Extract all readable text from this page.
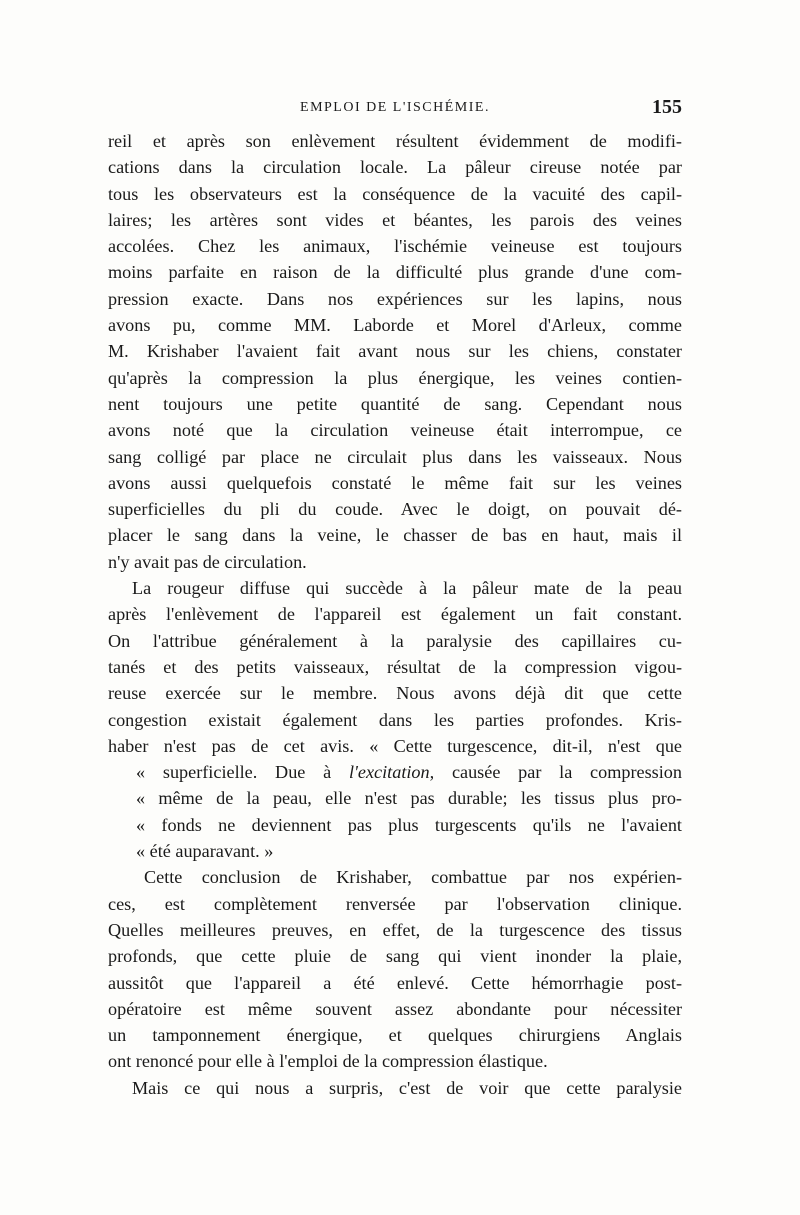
EMPLOI DE L'ISCHÉMIE.	155
reil et après son enlèvement résultent évidemment de modifi-
cations dans la circulation locale. La pâleur cireuse notée par
tous les observateurs est la conséquence de la vacuité des capil-
laires; les artères sont vides et béantes, les parois des veines
accolées. Chez les animaux, l'ischémie veineuse est toujours
moins parfaite en raison de la difficulté plus grande d'une com-
pression exacte. Dans nos expériences sur les lapins, nous
avons pu, comme MM. Laborde et Morel d'Arleux, comme
M. Krishaber l'avaient fait avant nous sur les chiens, constater
qu'après la compression la plus énergique, les veines contien-
nent toujours une petite quantité de sang. Cependant nous
avons noté que la circulation veineuse était interrompue, ce
sang colligé par place ne circulait plus dans les vaisseaux. Nous
avons aussi quelquefois constaté le même fait sur les veines
superficielles du pli du coude. Avec le doigt, on pouvait dé-
placer le sang dans la veine, le chasser de bas en haut, mais il
n'y avait pas de circulation.
La rougeur diffuse qui succède à la pâleur mate de la peau
après l'enlèvement de l'appareil est également un fait constant.
On l'attribue généralement à la paralysie des capillaires cu-
tanés et des petits vaisseaux, résultat de la compression vigou-
reuse exercée sur le membre. Nous avons déjà dit que cette
congestion existait également dans les parties profondes. Kris-
haber n'est pas de cet avis. « Cette turgescence, dit-il, n'est que
« superficielle. Due à l'excitation, causée par la compression
« même de la peau, elle n'est pas durable; les tissus plus pro-
« fonds ne deviennent pas plus turgescents qu'ils ne l'avaient
« été auparavant. »
Cette conclusion de Krishaber, combattue par nos expérien-
ces, est complètement renversée par l'observation clinique.
Quelles meilleures preuves, en effet, de la turgescence des tissus
profonds, que cette pluie de sang qui vient inonder la plaie,
aussitôt que l'appareil a été enlevé. Cette hémorrhagie post-
opératoire est même souvent assez abondante pour nécessiter
un tamponnement énergique, et quelques chirurgiens Anglais
ont renoncé pour elle à l'emploi de la compression élastique.
Mais ce qui nous a surpris, c'est de voir que cette paralysie
